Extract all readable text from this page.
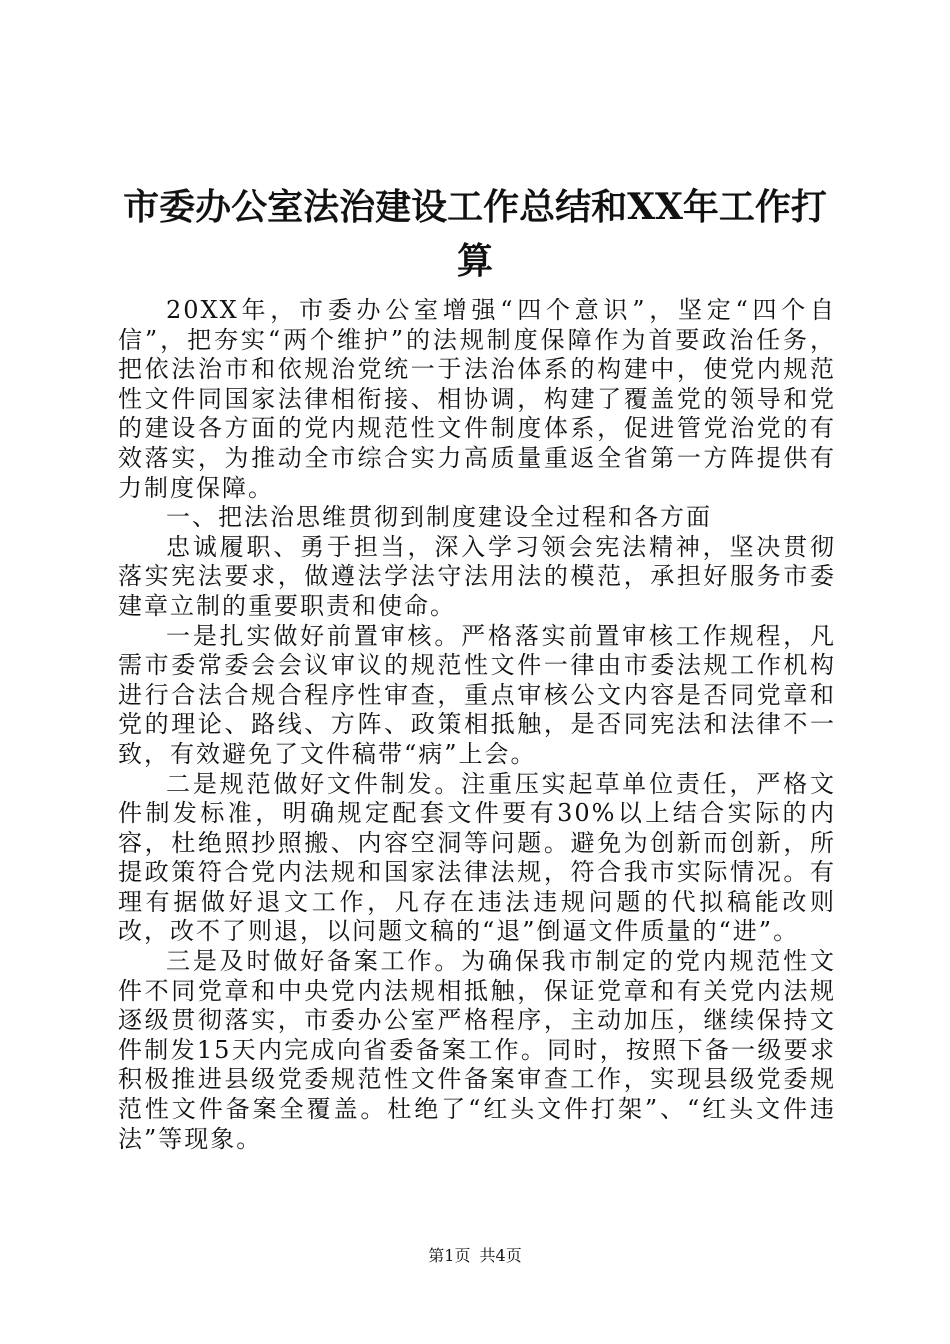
市委办公室法治建设工作总结和XX年工作打算

20XX年，市委办公室增强“四个意识”，坚定“四个自信”，把夯实“两个维护”的法规制度保障作为首要政治任务，把依法治市和依规治党统一于法治体系的构建中，使党内规范性文件同国家法律相衔接、相协调，构建了覆盖党的领导和党的建设各方面的党内规范性文件制度体系，促进管党治党的有效落实，为推动全市综合实力高质量重返全省第一方阵提供有力制度保障。

一、把法治思维贯彻到制度建设全过程和各方面

忠诚履职、勇于担当，深入学习领会宪法精神，坚决贯彻落实宪法要求，做遵法学法守法用法的模范，承担好服务市委建章立制的重要职责和使命。

一是扎实做好前置审核。严格落实前置审核工作规程，凡需市委常委会会议审议的规范性文件一律由市委法规工作机构进行合法合规合程序性审查，重点审核公文内容是否同党章和党的理论、路线、方阵、政策相抵触，是否同宪法和法律不一致，有效避免了文件稿带“病”上会。

二是规范做好文件制发。注重压实起草单位责任，严格文件制发标准，明确规定配套文件要有30%以上结合实际的内容，杜绝照抄照搬、内容空洞等问题。避免为创新而创新，所提政策符合党内法规和国家法律法规，符合我市实际情况。有理有据做好退文工作，凡存在违法违规问题的代拟稿能改则改，改不了则退，以问题文稿的“退”倒逼文件质量的“进”。

三是及时做好备案工作。为确保我市制定的党内规范性文件不同党章和中央党内法规相抵触，保证党章和有关党内法规逐级贯彻落实，市委办公室严格程序，主动加压，继续保持文件制发15天内完成向省委备案工作。同时，按照下备一级要求积极推进县级党委规范性文件备案审查工作，实现县级党委规范性文件备案全覆盖。杜绝了“红头文件打架”、“红头文件违法”等现象。

第1页 共4页
